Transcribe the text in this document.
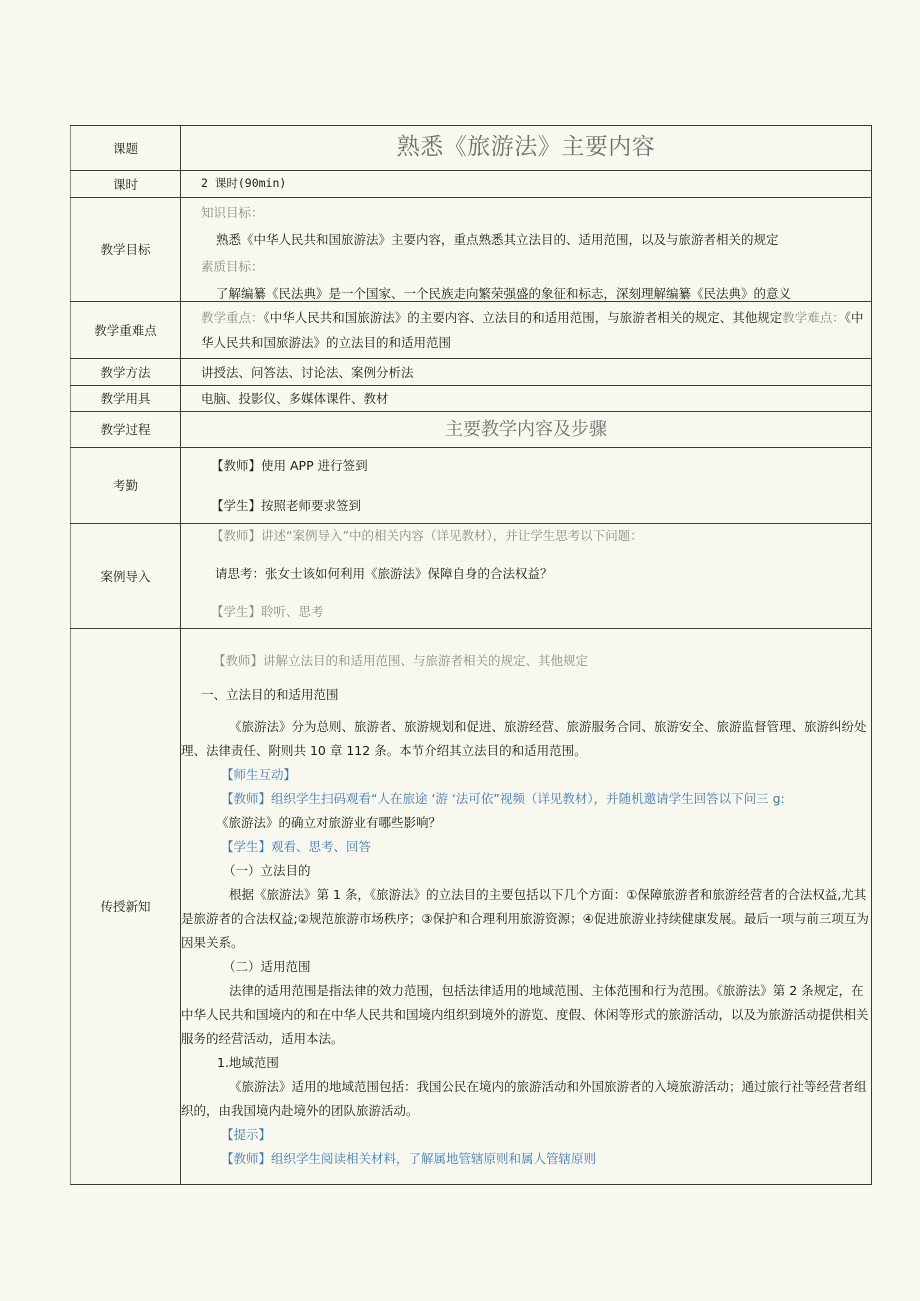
课题	熟悉《旅游法》主要内容

课时	2 课时(90min)
教学目标	知识目标：
熟悉《中华人民共和国旅游法》主要内容，重点熟悉其立法目的、适用范围，以及与旅游者相关的规定
素质目标：
了解编纂《民法典》是一个国家、一个民族走向繁荣强盛的象征和标志，深刻理解编纂《民法典》的意义

教学重难点	教学重点：《中华人民共和国旅游法》的主要内容、立法目的和适用范围，与旅游者相关的规定、其他规定教学难点：《中华人民共和国旅游法》的立法目的和适用范围
教学方法	讲授法、问答法、讨论法、案例分析法
教学用具	电脑、投影仪、多媒体课件、教材
教学过程	主要教学内容及步骤

考勤	【教师】使用 APP 进行签到
【学生】按照老师要求签到

案例导入	【教师】讲述“案例导入”中的相关内容（详见教材），并让学生思考以下问题：
请思考：张女士该如何利用《旅游法》保障自身的合法权益？
【学生】聆听、思考

传授新知	
【教师】讲解立法目的和适用范围、与旅游者相关的规定、其他规定
一、立法目的和适用范围
《旅游法》分为总则、旅游者、旅游规划和促进、旅游经营、旅游服务合同、旅游安全、旅游监督管理、旅游纠纷处理、法律责任、附则共 10 章 112 条。本节介绍其立法目的和适用范围。
【师生互动】
【教师】组织学生扫码观看“人在旅途 ‘游 ‘法可依”视频（详见教材），并随机邀请学生回答以下问三 g:
《旅游法》的确立对旅游业有哪些影响？
【学生】观看、思考、回答
（一）立法目的
根据《旅游法》第 1 条，《旅游法》的立法目的主要包括以下几个方面：①保障旅游者和旅游经营者的合法权益,尤其是旅游者的合法权益;②规范旅游市场秩序；③保护和合理利用旅游资源；④促进旅游业持续健康发展。最后一项与前三项互为因果关系。
（二）适用范围
法律的适用范围是指法律的效力范围，包括法律适用的地域范围、主体范围和行为范围。《旅游法》第 2 条规定，在中华人民共和国境内的和在中华人民共和国境内组织到境外的游览、度假、休闲等形式的旅游活动，以及为旅游活动提供相关服务的经营活动，适用本法。
1.地域范围
《旅游法》适用的地域范围包括：我国公民在境内的旅游活动和外国旅游者的入境旅游活动；通过旅行社等经营者组织的，由我国境内赴境外的团队旅游活动。
【提示】
【教师】组织学生阅读相关材料，了解属地管辖原则和属人管辖原则
